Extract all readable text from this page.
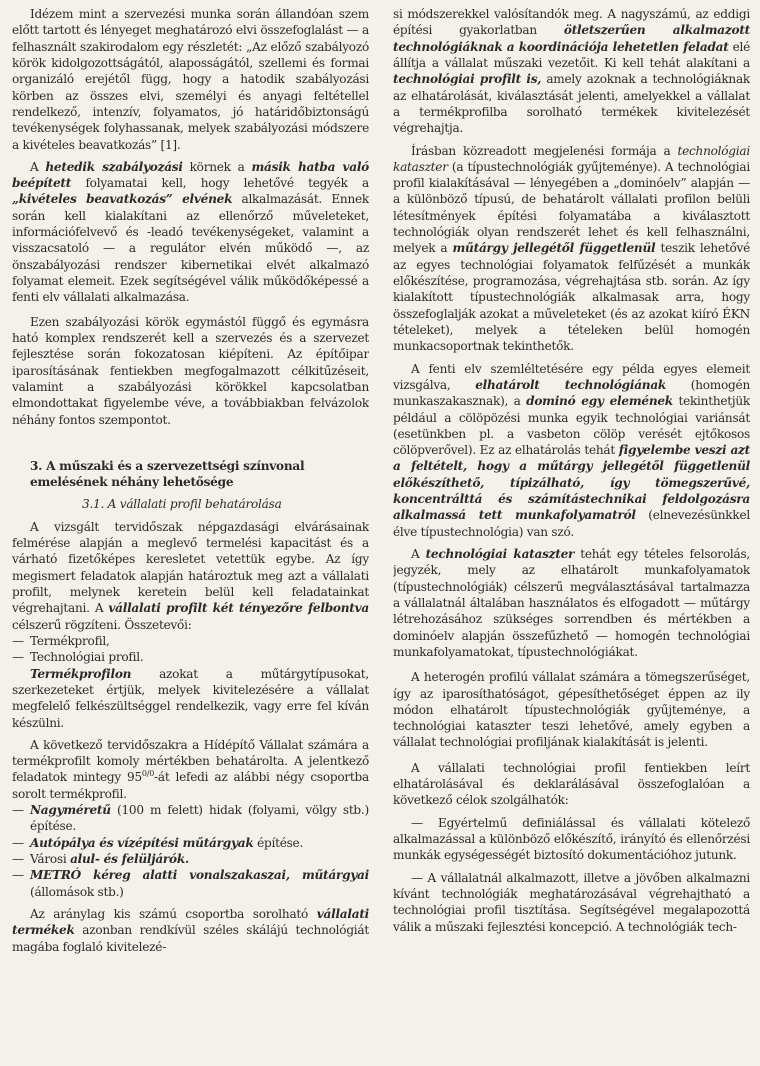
Idézem mint a szervezési munka során állandóan szem előtt tartott és lényeget meghatározó elvi összefoglalást — a felhasznált szakirodalom egy részletét: „Az előző szabályozó körök kidolgozottságától, alaposságától, szellemi és formai organizáló erejétől függ, hogy a hatodik szabályozási körben az összes elvi, személyi és anyagi feltétellel rendelkező, intenzív, folyamatos, jó határidőbiztonságú tevékenységek folyhassanak, melyek szabályozási módszere a kivételes beavatkozás” [1].

A hetedik szabályozási körnek a másik hatba való beépített folyamatai kell, hogy lehetővé tegyék a „kivételes beavatkozás” elvének alkalmazását. Ennek során kell kialakítani az ellenőrző műveleteket, információfelvevő és -leadó tevékenységeket, valamint a visszacsatoló — a regulátor elvén működő —, az önszabályozási rendszer kibernetikai elvét alkalmazó folyamat elemeit. Ezek segítségével válik működőképessé a fenti elv vállalati alkalmazása.

Ezen szabályozási körök egymástól függő és egymásra ható komplex rendszerét kell a szervezés és a szervezet fejlesztése során fokozatosan kiépíteni. Az építőipar iparosításának fentiekben megfogalmazott célkitűzéseit, valamint a szabályozási körökkel kapcsolatban elmondottakat figyelembe véve, a továbbiakban felvázolok néhány fontos szempontot.

3. A műszaki és a szervezettségi színvonal
emelésének néhány lehetősége
3.1. A vállalati profil behatárolása

A vizsgált tervidőszak népgazdasági elvárásainak felmérése alapján a meglevő termelési kapacitást és a várható fizetőképes keresletet vetettük egybe. Az így megismert feladatok alapján határoztuk meg azt a vállalati profilt, melynek keretein belül kell feladatainkat végrehajtani. A vállalati profilt két tényezőre felbontva célszerű rögzíteni. Összetevői:

— Termékprofil,
— Technológiai profil.

Termékprofilon azokat a műtárgytípusokat, szerkezeteket értjük, melyek kivitelezésére a vállalat megfelelő felkészültséggel rendelkezik, vagy erre fel kíván készülni.

A következő tervidőszakra a Hídépítő Vállalat számára a termékprofilt komoly mértékben behatárolta. A jelentkező feladatok mintegy $95^{0/0}-át$ lefedi az alábbi négy csoportba sorolt termékprofil.

— Nagyméretű (100 m felett) hidak (folyami, völgy stb.) építése.
— Autópálya és vízépítési műtárgyak építése.
— Városi alul- és felüljárók.
— METRÓ kéreg alatti vonalszakaszai, műtárgyai (állomások stb.)

Az aránylag kis számú csoportba sorolható vállalati termékek azonban rendkívül széles skálájú technológiát magába foglaló kivitelezé-

si módszerekkel valósítandók meg. A nagyszámú, az eddigi építési gyakorlatban ötletszerűen alkalmazott technológiáknak a koordinációja lehetetlen feladat elé állítja a vállalat műszaki vezetőit. Ki kell tehát alakítani a technológiai profilt is, amely azoknak a technológiáknak az elhatárolását, kiválasztását jelenti, amelyekkel a vállalat a termékprofilba sorolható termékek kivitelezését végrehajtja.

Írásban közreadott megjelenési formája a technológiai kataszter (a típustechnológiák gyűjteménye). A technológiai profil kialakításával — lényegében a „dominóelv” alapján — a különböző típusú, de behatárolt vállalati profilon belüli létesítmények építési folyamatába a kiválasztott technológiák olyan rendszerét lehet és kell felhasználni, melyek a műtárgy jellegétől függetlenül teszik lehetővé az egyes technológiai folyamatok felfűzését a munkák előkészítése, programozása, végrehajtása stb. során. Az így kialakított típustechnológiák alkalmasak arra, hogy összefoglalják azokat a műveleteket (és az azokat kiíró ÉKN tételeket), melyek a tételeken belül homogén munkacsoportnak tekinthetők.

A fenti elv szemléltetésére egy példa egyes elemeit vizsgálva, elhatárolt technológiának (homogén munkaszakasznak), a dominó egy elemének tekinthetjük például a cölöpözési munka egyik technológiai variánsát (esetünkben pl. a vasbeton cölöp verését ejtőkosos cölöpverővel). Ez az elhatárolás tehát figyelembe veszi azt a feltételt, hogy a műtárgy jellegétől függetlenül előkészíthető, típizálható, így tömegszerűvé, koncentrálttá és számítástechnikai feldolgozásra alkalmassá tett munkafolyamatról (elnevezésünkkel élve típustechnológia) van szó.

A technológiai kataszter tehát egy tételes felsorolás, jegyzék, mely az elhatárolt munkafolyamatok (típustechnológiák) célszerű megválasztásával tartalmazza a vállalatnál általában használatos és elfogadott — műtárgy létrehozásához szükséges sorrendben és mértékben a dominóelv alapján összefűzhető — homogén technológiai munkafolyamatokat, típustechnológiákat.

A heterogén profilú vállalat számára a tömegszerűséget, így az iparosíthatóságot, gépesíthetőséget éppen az ily módon elhatárolt típustechnológiák gyűjteménye, a technológiai kataszter teszi lehetővé, amely egyben a vállalat technológiai profiljának kialakítását is jelenti.

A vállalati technológiai profil fentiekben leírt elhatárolásával és deklarálásával összefoglalóan a következő célok szolgálhatók:

— Egyértelmű definiálással és vállalati kötelező alkalmazással a különböző előkészítő, irányító és ellenőrzési munkák egységességét biztosító dokumentációhoz jutunk.

— A vállalatnál alkalmazott, illetve a jövőben alkalmazni kívánt technológiák meghatározásával végrehajtható a technológiai profil tisztítása. Segítségével megalapozottá válik a műszaki fejlesztési koncepció. A technológiák tech-
